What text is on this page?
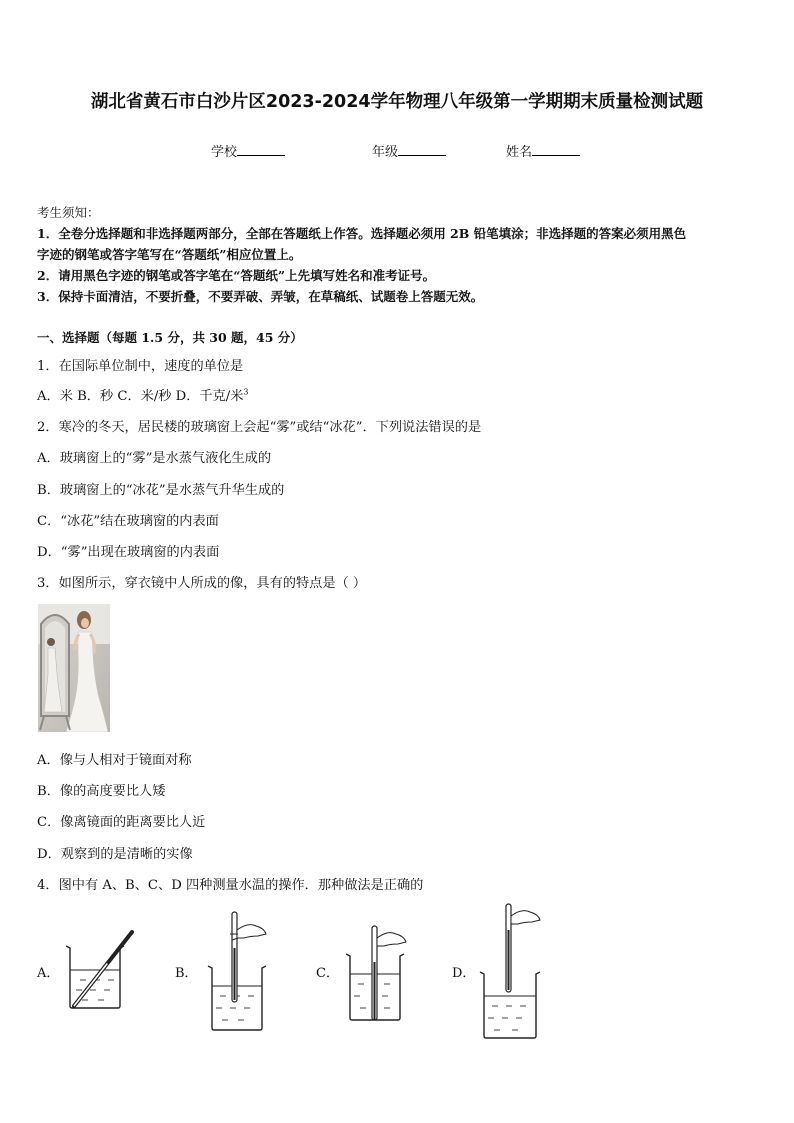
湖北省黄石市白沙片区2023-2024学年物理八年级第一学期期末质量检测试题
学校	年级	姓名
考生须知：
1．全卷分选择题和非选择题两部分，全部在答题纸上作答。选择题必须用 2B 铅笔填涂；非选择题的答案必须用黑色
字迹的钢笔或答字笔写在“答题纸”相应位置上。
2．请用黑色字迹的钢笔或答字笔在“答题纸”上先填写姓名和准考证号。
3．保持卡面清洁，不要折叠，不要弄破、弄皱，在草稿纸、试题卷上答题无效。
一、选择题（每题 1.5 分，共 30 题，45 分）
1．在国际单位制中，速度的单位是
A．米 B．秒 C．米/秒 D．千克/米$^3$
2．寒冷的冬天，居民楼的玻璃窗上会起“雾”或结“冰花”．下列说法错误的是
A．玻璃窗上的“雾”是水蒸气液化生成的
B．玻璃窗上的“冰花”是水蒸气升华生成的
C．“冰花”结在玻璃窗的内表面
D．“雾”出现在玻璃窗的内表面
3．如图所示，穿衣镜中人所成的像，具有的特点是（ ）
A．像与人相对于镜面对称
B．像的高度要比人矮
C．像离镜面的距离要比人近
D．观察到的是清晰的实像
4．图中有 A、B、C、D 四种测量水温的操作．那种做法是正确的
A．	B．	C．	D．
